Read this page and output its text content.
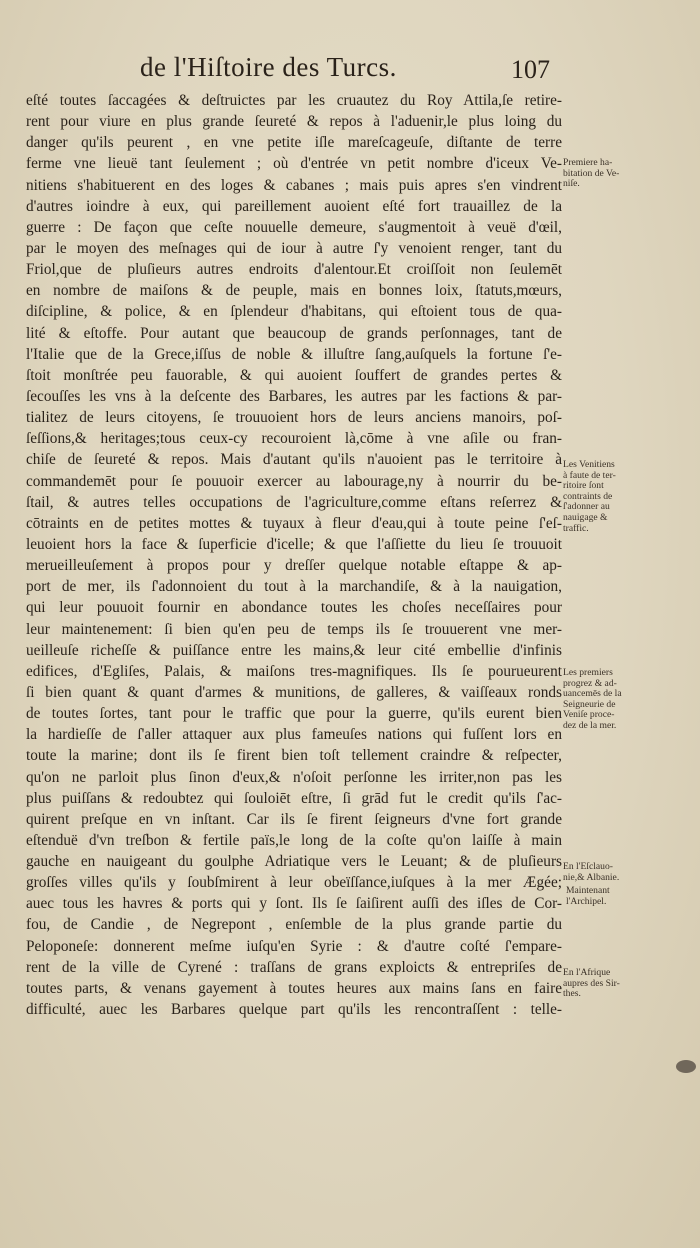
de l'Hiſtoire des Turcs.	107
eſté toutes ſaccagées & deſtruictes par les cruautez du Roy Attila,ſe retire-
rent pour viure en plus grande ſeureté & repos à l'aduenir,le plus loing du
danger qu'ils peurent , en vne petite iſle mareſcageuſe, diſtante de terre
ferme vne lieuë tant ſeulement ; où d'entrée vn petit nombre d'iceux Ve-
nitiens s'habituerent en des loges & cabanes ; mais puis apres s'en vindrent
d'autres ioindre à eux, qui pareillement auoient eſté fort trauaillez de la
guerre : De façon que ceſte nouuelle demeure, s'augmentoit à veuë d'œil,
par le moyen des meſnages qui de iour à autre ſ'y venoient renger, tant du
Friol,que de pluſieurs autres endroits d'alentour.Et croiſſoit non ſeulemēt
en nombre de maiſons & de peuple, mais en bonnes loix, ſtatuts,mœurs,
diſcipline, & police, & en ſplendeur d'habitans, qui eſtoient tous de qua-
lité & eſtoffe. Pour autant que beaucoup de grands perſonnages, tant de
l'Italie que de la Grece,iſſus de noble & illuſtre ſang,auſquels la fortune ſ'e-
ſtoit monſtrée peu fauorable, & qui auoient ſouffert de grandes pertes &
ſecouſſes les vns à la deſcente des Barbares, les autres par les factions & par-
tialitez de leurs citoyens, ſe trouuoient hors de leurs anciens manoirs, poſ-
ſeſſions,& heritages;tous ceux-cy recouroient là,cōme à vne aſile ou fran-
chiſe de ſeureté & repos. Mais d'autant qu'ils n'auoient pas le territoire à
commandemēt pour ſe pouuoir exercer au labourage,ny à nourrir du be-
ſtail, & autres telles occupations de l'agriculture,comme eſtans reſerrez &
cōtraints en de petites mottes & tuyaux à fleur d'eau,qui à toute peine ſ'eſ-
leuoient hors la face & ſuperficie d'icelle; & que l'aſſiette du lieu ſe trouuoit
merueilleuſement à propos pour y dreſſer quelque notable eſtappe & ap-
port de mer, ils ſ'adonnoient du tout à la marchandiſe, & à la nauigation,
qui leur pouuoit fournir en abondance toutes les choſes neceſſaires pour
leur maintenement: ſi bien qu'en peu de temps ils ſe trouuerent vne mer-
ueilleuſe richeſſe & puiſſance entre les mains,& leur cité embellie d'infinis
edifices, d'Egliſes, Palais, & maiſons tres-magnifiques. Ils ſe pourueurent
ſi bien quant & quant d'armes & munitions, de galleres, & vaiſſeaux ronds
de toutes ſortes, tant pour le traffic que pour la guerre, qu'ils eurent bien
la hardieſſe de ſ'aller attaquer aux plus fameuſes nations qui fuſſent lors en
toute la marine; dont ils ſe firent bien toſt tellement craindre & reſpecter,
qu'on ne parloit plus ſinon d'eux,& n'oſoit perſonne les irriter,non pas les
plus puiſſans & redoubtez qui ſouloiēt eſtre, ſi grād fut le credit qu'ils ſ'ac-
quirent preſque en vn inſtant. Car ils ſe firent ſeigneurs d'vne fort grande
eſtenduë d'vn treſbon & fertile païs,le long de la coſte qu'on laiſſe à main
gauche en nauigeant du goulphe Adriatique vers le Leuant; & de pluſieurs
groſſes villes qu'ils y ſoubſmirent à leur obeïſſance,iuſques à la mer Ægée;
auec tous les havres & ports qui y ſont. Ils ſe ſaiſirent auſſi des iſles de Cor-
fou, de Candie , de Negrepont , enſemble de la plus grande partie du
Peloponeſe: donnerent meſme iuſqu'en Syrie : & d'autre coſté ſ'empare-
rent de la ville de Cyrené : traſſans de grans exploicts & entrepriſes de
toutes parts, & venans gayement à toutes heures aux mains ſans en faire
difficulté, auec les Barbares quelque part qu'ils les rencontraſſent : telle-
Premiere ha-
bitation de Ve-
niſe.
Les Venitiens
à faute de ter-
ritoire ſont
contraints de
ſ'adonner au
nauigage &
traffic.
Les premiers
progrez & ad-
uancemēs de la
Seigneurie de
Veniſe proce-
dez de la mer.
En l'Eſclauo-
nie,& Albanie.
Maintenant
l'Archipel.
En l'Afrique
aupres des Sir-
thes.
